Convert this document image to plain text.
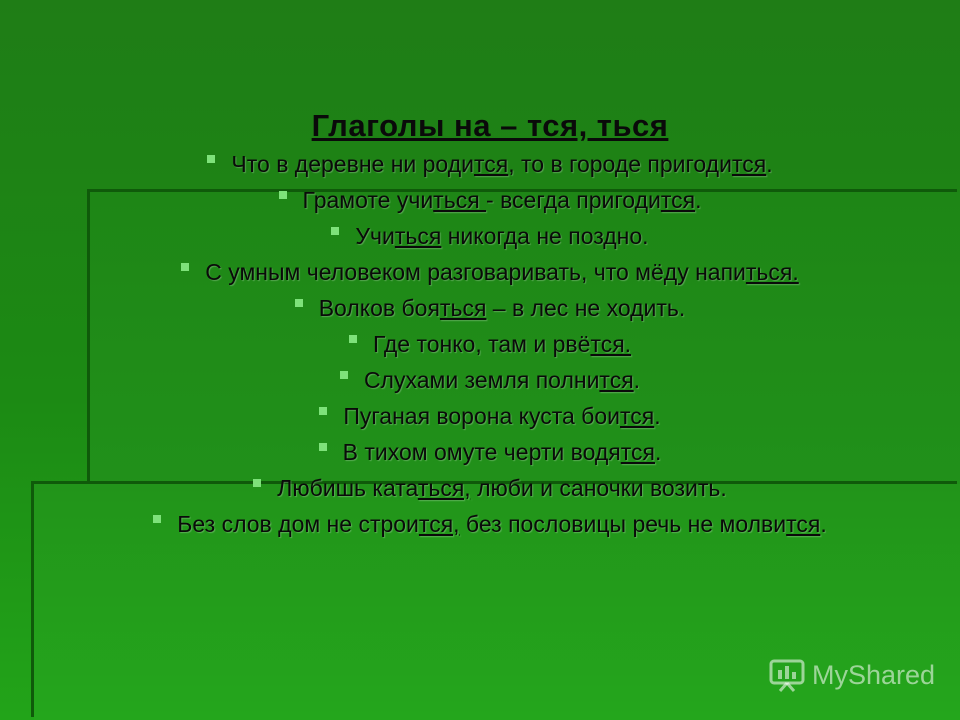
Глаголы на – тся, ться
Что в деревне ни родится, то в городе пригодится.
Грамоте учиться - всегда пригодится.
Учиться никогда не поздно.
С умным человеком разговаривать, что мёду напиться.
Волков бояться – в лес не ходить.
Где тонко, там и рвётся.
Слухами земля полнится.
Пуганая ворона куста боится.
В тихом омуте черти водятся.
Любишь кататься, люби и саночки возить.
Без слов дом не строится, без пословицы речь не молвится.
MyShared
